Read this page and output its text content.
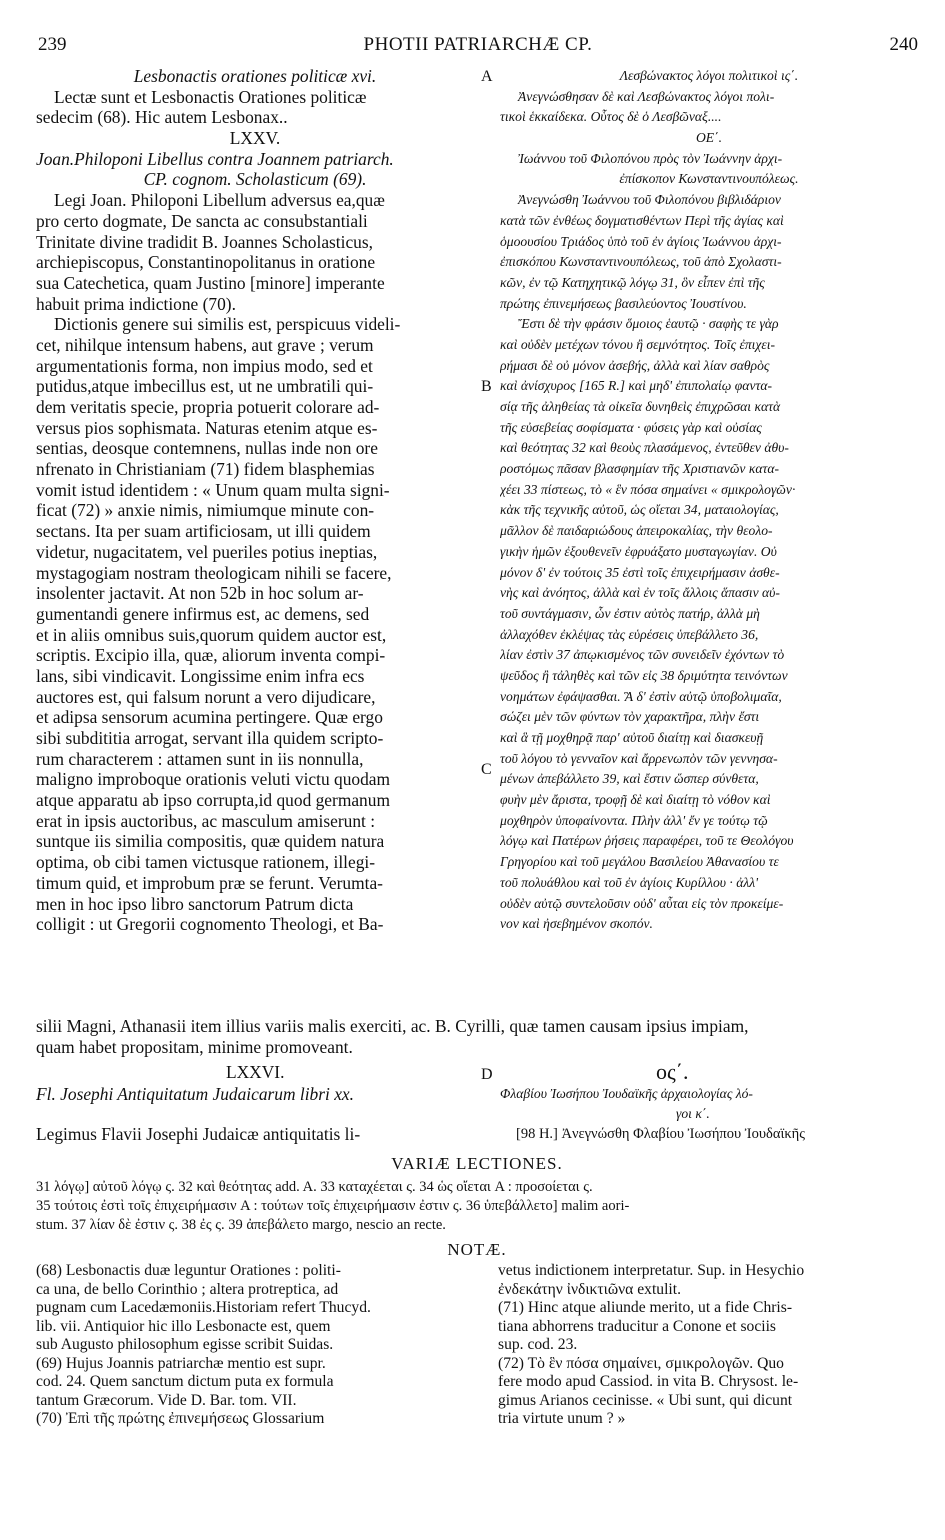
239	PHOTII PATRIARCHÆ CP.	240
Lesbonactis orationes politicæ xvi.
Lectæ sunt et Lesbonactis Orationes politicæ
sedecim (68). Hic autem Lesbonax..
LXXV.
Joan.Philoponi Libellus contra Joannem patriarch.
CP. cognom. Scholasticum (69).
Legi Joan. Philoponi Libellum adversus ea,quæ
pro certo dogmate, De sancta ac consubstantiali
Trinitate divine tradidit B. Joannes Scholasticus,
archiepiscopus, Constantinopolitanus in oratione
sua Catechetica, quam Justino [minore] imperante
habuit prima indictione (70).
Dictionis genere sui similis est, perspicuus videli-
cet, nihilque intensum habens, aut grave ; verum
argumentationis forma, non impius modo, sed et
putidus,atque imbecillus est, ut ne umbratili qui-
dem veritatis specie, propria potuerit colorare ad-
versus pios sophismata. Naturas etenim atque es-
sentias, deosque contemnens, nullas inde non ore
nfrenato in Christianiam (71) fidem blasphemias
vomit istud identidem : « Unum quam multa signi-
ficat (72) » anxie nimis, nimiumque minute con-
sectans. Ita per suam artificiosam, ut illi quidem
videtur, nugacitatem, vel pueriles potius ineptias,
mystagogiam nostram theologicam nihili se facere,
insolenter jactavit. At non 52b in hoc solum ar-
gumentandi genere infirmus est, ac demens, sed
et in aliis omnibus suis,quorum quidem auctor est,
scriptis. Excipio illa, quæ, aliorum inventa compi-
lans, sibi vindicavit. Longissime enim infra ecs
auctores est, qui falsum norunt a vero dijudicare,
et adipsa sensorum acumina pertingere. Quæ ergo
sibi subdititia arrogat, servant illa quidem scripto-
rum characterem : attamen sunt in iis nonnulla,
maligno improboque orationis veluti victu quodam
atque apparatu ab ipso corrupta,id quod germanum
erat in ipsis auctoribus, ac masculum amiserunt :
suntque iis similia compositis, quæ quidem natura
optima, ob cibi tamen victusque rationem, illegi-
timum quid, et improbum præ se ferunt. Verumta-
men in hoc ipso libro sanctorum Patrum dicta
colligit : ut Gregorii cognomento Theologi, et Ba-
Λεσβώνακτος λόγοι πολιτικοὶ ις΄.
Ἀνεγνώσθησαν δὲ καὶ Λεσβώνακτος λόγοι πολι-
τικοὶ ἑκκαίδεκα. Οὗτος δὲ ὁ Λεσβῶναξ....
ΟΕ΄.
Ἰωάννου τοῦ Φιλοπόνου πρὸς τὸν Ἰωάννην ἀρχι-
ἐπίσκοπον Κωνσταντινουπόλεως.
Ἀνεγνώσθη Ἰωάννου τοῦ Φιλοπόνου βιβλιδάριον
κατὰ τῶν ἐνθέως δογματισθέντων Περὶ τῆς ἁγίας καὶ
ὁμοουσίου Τριάδος ὑπὸ τοῦ ἐν ἁγίοις Ἰωάννου ἀρχι-
ἐπισκόπου Κωνσταντινουπόλεως, τοῦ ἀπὸ Σχολαστι-
κῶν, ἐν τῷ Κατηχητικῷ λόγῳ 31, ὃν εἶπεν ἐπὶ τῆς
πρώτης ἐπινεμήσεως βασιλεύοντος Ἰουστίνου.
Ἔστι δὲ τὴν φράσιν ὅμοιος ἑαυτῷ · σαφὴς τε γὰρ
καὶ οὐδὲν μετέχων τόνου ἢ σεμνότητος. Τοῖς ἐπιχει-
ρήμασι δὲ οὐ μόνον ἀσεβής, ἀλλὰ καὶ λίαν σαθρὸς
καὶ ἀνίσχυρος [165 R.] καὶ μηδ' ἐπιπολαίῳ φαντα-
σίᾳ τῆς ἀληθείας τὰ οἰκεῖα δυνηθεὶς ἐπιχρῶσαι κατὰ
τῆς εὐσεβείας σοφίσματα · φύσεις γὰρ καὶ οὐσίας
καὶ θεότητας 32 καὶ θεοὺς πλασάμενος, ἐντεῦθεν ἀθυ-
ροστόμως πᾶσαν βλασφημίαν τῆς Χριστιανῶν κατα-
χέει 33 πίστεως, τὸ « ἓν πόσα σημαίνει « σμικρολογῶν·
κὰκ τῆς τεχνικῆς αὐτοῦ, ὡς οἴεται 34, ματαιολογίας,
μᾶλλον δὲ παιδαριώδους ἀπειροκαλίας, τὴν θεολο-
γικὴν ἡμῶν ἐξουθενεῖν ἐφρυάξατο μυσταγωγίαν. Οὐ
μόνον δ' ἐν τούτοις 35 ἐστὶ τοῖς ἐπιχειρήμασιν ἀσθε-
νὴς καὶ ἀνόητος, ἀλλὰ καὶ ἐν τοῖς ἄλλοις ἅπασιν αὐ-
τοῦ συντάγμασιν, ὧν ἐστιν αὐτὸς πατήρ, ἀλλὰ μὴ
ἀλλαχόθεν ἐκλέψας τὰς εὑρέσεις ὑπεβάλλετο 36,
λίαν ἐστὶν 37 ἀπῳκισμένος τῶν συνειδεῖν ἐχόντων τὸ
ψεῦδος ἢ τἀληθὲς καὶ τῶν εἰς 38 δριμύτητα τεινόντων
νοημάτων ἐφάψασθαι. Ἃ δ' ἐστὶν αὐτῷ ὑποβολιμαῖα,
σώζει μὲν τῶν φύντων τὸν χαρακτῆρα, πλὴν ἔστι
καὶ ἃ τῇ μοχθηρᾷ παρ' αὐτοῦ διαίτῃ καὶ διασκευῇ
τοῦ λόγου τὸ γενναῖον καὶ ἄρρενωπὸν τῶν γεννησα-
μένων ἀπεβάλλετο 39, καὶ ἔστιν ὥσπερ σύνθετα,
φυὴν μὲν ἄριστα, τροφῇ δὲ καὶ διαίτῃ τὸ νόθον καὶ
μοχθηρὸν ὑποφαίνοντα. Πλὴν ἀλλ' ἔν γε τούτῳ τῷ
λόγῳ καὶ Πατέρων ῥήσεις παραφέρει, τοῦ τε Θεολόγου
Γρηγορίου καὶ τοῦ μεγάλου Βασιλείου Ἀθανασίου τε
τοῦ πολυάθλου καὶ τοῦ ἐν ἁγίοις Κυρίλλου · ἀλλ'
οὐδὲν αὐτῷ συντελοῦσιν οὐδ' αὗται εἰς τὸν προκείμε-
νον καὶ ἠσεβημένον σκοπόν.
A
B
C
D
silii Magni, Athanasii item illius variis malis exerciti, ac. B. Cyrilli, quæ tamen causam ipsius impiam,
quam habet propositam, minime promoveant.
LXXVI.	ος΄.
Fl. Josephi Antiquitatum Judaicarum libri xx.	Φλαβίου Ἰωσήπου Ἰουδαϊκῆς ἀρχαιολογίας λό-
γοι κ΄.
Legimus Flavii Josephi Judaicæ antiquitatis li-	[98 H.] Ἀνεγνώσθη Φλαβίου Ἰωσήπου Ἰουδαϊκῆς
VARIÆ LECTIONES.
31 λόγῳ] αὐτοῦ λόγῳ ς. 32 καὶ θεότητας add. A. 33 καταχέεται ς. 34 ὡς οἴεται A : προσοίεται ς.
35 τούτοις ἐστὶ τοῖς ἐπιχειρήμασιν A : τούτων τοῖς ἐπιχειρήμασιν ἐστιν ς. 36 ὑπεβάλλετο] malim aori-
stum. 37 λίαν δὲ ἐστιν ς. 38 ἐς ς. 39 ἀπεβάλετο margo, nescio an recte.
NOTÆ.
(68) Lesbonactis duæ leguntur Orationes : politi-
ca una, de bello Corinthio ; altera protreptica, ad
pugnam cum Lacedæmoniis.Historiam refert Thucyd.
lib. vii. Antiquior hic illo Lesbonacte est, quem
sub Augusto philosophum egisse scribit Suidas.
(69) Hujus Joannis patriarchæ mentio est supr.
cod. 24. Quem sanctum dictum puta ex formula
tantum Græcorum. Vide D. Bar. tom. VII.
(70) Ἐπὶ τῆς πρώτης ἐπινεμήσεως Glossarium
vetus indictionem interpretatur. Sup. in Hesychio
ἐνδεκάτην ἰνδικτιῶνα extulit.
(71) Hinc atque aliunde merito, ut a fide Chris-
tiana abhorrens traducitur a Conone et sociis
sup. cod. 23.
(72) Τὸ ἓν πόσα σημαίνει, σμικρολογῶν. Quo
fere modo apud Cassiod. in vita B. Chrysost. le-
gimus Arianos cecinisse. « Ubi sunt, qui dicunt
tria virtute unum ? »
